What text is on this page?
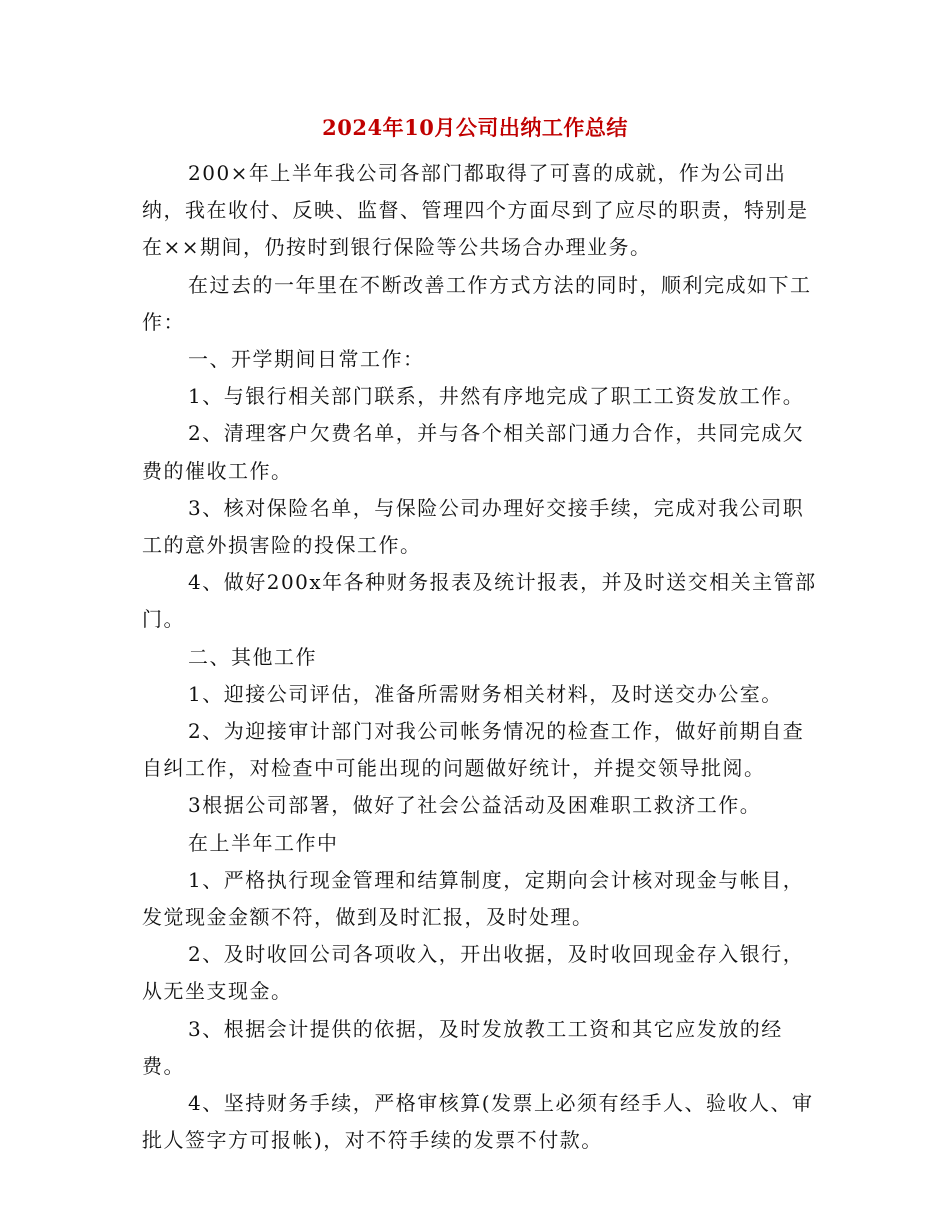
2024年10月公司出纳工作总结

200×年上半年我公司各部门都取得了可喜的成就，作为公司出纳，我在收付、反映、监督、管理四个方面尽到了应尽的职责，特别是在××期间，仍按时到银行保险等公共场合办理业务。

在过去的一年里在不断改善工作方式方法的同时，顺利完成如下工作：

一、开学期间日常工作：

1、与银行相关部门联系，井然有序地完成了职工工资发放工作。

2、清理客户欠费名单，并与各个相关部门通力合作，共同完成欠费的催收工作。

3、核对保险名单，与保险公司办理好交接手续，完成对我公司职工的意外损害险的投保工作。

4、做好200x年各种财务报表及统计报表，并及时送交相关主管部门。

二、其他工作

1、迎接公司评估，准备所需财务相关材料，及时送交办公室。

2、为迎接审计部门对我公司帐务情况的检查工作，做好前期自查自纠工作，对检查中可能出现的问题做好统计，并提交领导批阅。

3根据公司部署，做好了社会公益活动及困难职工救济工作。

在上半年工作中

1、严格执行现金管理和结算制度，定期向会计核对现金与帐目，发觉现金金额不符，做到及时汇报，及时处理。

2、及时收回公司各项收入，开出收据，及时收回现金存入银行，从无坐支现金。

3、根据会计提供的依据，及时发放教工工资和其它应发放的经费。

4、坚持财务手续，严格审核算(发票上必须有经手人、验收人、审批人签字方可报帐)，对不符手续的发票不付款。
